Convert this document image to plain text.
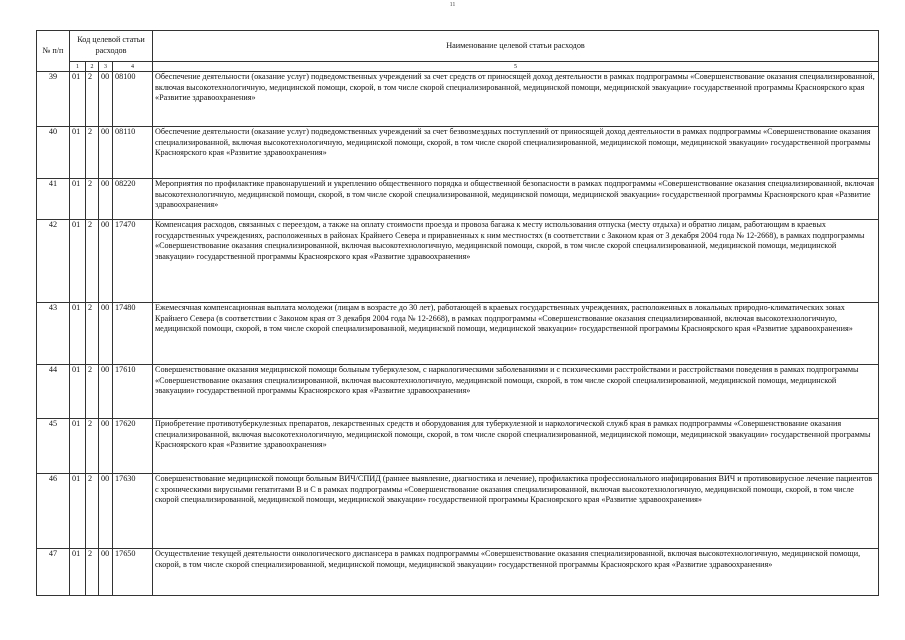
11
№ п/п	Код целевой статьи расходов				Наименование целевой статьи расходов
	1	2	3	4	5
39	01	2	00	08100	Обеспечение деятельности (оказание услуг) подведомственных учреждений за счет средств от приносящей доход деятельности в рамках подпрограммы «Совершенствование оказания специализированной, включая высокотехнологичную, медицинской помощи, скорой, в том числе скорой специализированной, медицинской помощи, медицинской эвакуации» государственной программы Красноярского края «Развитие здравоохранения»
40	01	2	00	08110	Обеспечение деятельности (оказание услуг) подведомственных учреждений за счет безвозмездных поступлений от приносящей доход деятельности в рамках подпрограммы «Совершенствование оказания специализированной, включая высокотехнологичную, медицинской помощи, скорой, в том числе скорой специализированной, медицинской помощи, медицинской эвакуации» государственной программы Красноярского края «Развитие здравоохранения»
41	01	2	00	08220	Мероприятия по профилактике правонарушений и укреплению общественного порядка и общественной безопасности в рамках подпрограммы «Совершенствование оказания специализированной, включая высокотехнологичную, медицинской помощи, скорой, в том числе скорой специализированной, медицинской помощи, медицинской эвакуации» государственной программы Красноярского края «Развитие здравоохранения»
42	01	2	00	17470	Компенсация расходов, связанных с переездом, а также на оплату стоимости проезда и провоза багажа к месту использования отпуска (месту отдыха) и обратно лицам, работающим в краевых государственных учреждениях, расположенных в районах Крайнего Севера и приравненных к ним местностях (в соответствии с Законом края от 3 декабря 2004 года № 12-2668), в рамках подпрограммы «Совершенствование оказания специализированной, включая высокотехнологичную, медицинской помощи, скорой, в том числе скорой специализированной, медицинской помощи, медицинской эвакуации» государственной программы Красноярского края «Развитие здравоохранения»
43	01	2	00	17480	Ежемесячная компенсационная выплата молодежи (лицам в возрасте до 30 лет), работающей в краевых государственных учреждениях, расположенных в локальных природно-климатических зонах Крайнего Севера (в соответствии с Законом края от 3 декабря 2004 года № 12-2668), в рамках подпрограммы «Совершенствование оказания специализированной, включая высокотехнологичную, медицинской помощи, скорой, в том числе скорой специализированной, медицинской помощи, медицинской эвакуации» государственной программы Красноярского края «Развитие здравоохранения»
44	01	2	00	17610	Совершенствование оказания медицинской помощи больным туберкулезом, с наркологическими заболеваниями и с психическими расстройствами и расстройствами поведения в рамках подпрограммы «Совершенствование оказания специализированной, включая высокотехнологичную, медицинской помощи, скорой, в том числе скорой специализированной, медицинской помощи, медицинской эвакуации» государственной программы Красноярского края «Развитие здравоохранения»
45	01	2	00	17620	Приобретение противотуберкулезных препаратов, лекарственных средств и оборудования для туберкулезной и наркологической служб края в рамках подпрограммы «Совершенствование оказания специализированной, включая высокотехнологичную, медицинской помощи, скорой, в том числе скорой специализированной, медицинской помощи, медицинской эвакуации» государственной программы Красноярского края «Развитие здравоохранения»
46	01	2	00	17630	Совершенствование медицинской помощи больным ВИЧ/СПИД (раннее выявление, диагностика и лечение), профилактика профессионального инфицирования ВИЧ и противовирусное лечение пациентов с хроническими вирусными гепатитами В и С в рамках подпрограммы «Совершенствование оказания специализированной, включая высокотехнологичную, медицинской помощи, скорой, в том числе скорой специализированной, медицинской помощи, медицинской эвакуации» государственной программы Красноярского края «Развитие здравоохранения»
47	01	2	00	17650	Осуществление текущей деятельности онкологического диспансера в рамках подпрограммы «Совершенствование оказания специализированной, включая высокотехнологичную, медицинской помощи, скорой, в том числе скорой специализированной, медицинской помощи, медицинской эвакуации» государственной программы Красноярского края «Развитие здравоохранения»
